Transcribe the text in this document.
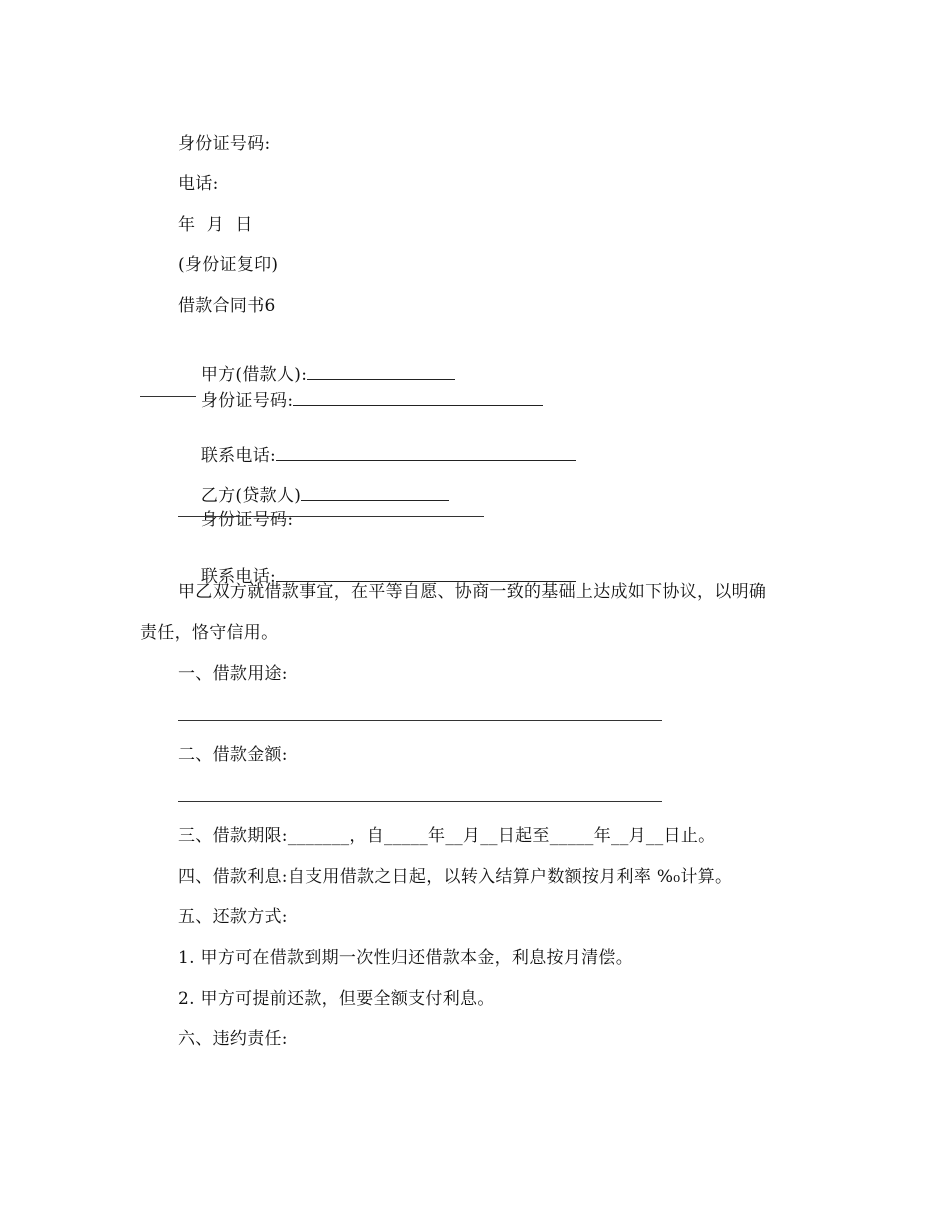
身份证号码:
电话:
年  月  日
(身份证复印)
借款合同书6

甲方(借款人):
身份证号码:

联系电话:

乙方(贷款人)
身份证号码:

联系电话:

甲乙双方就借款事宜，在平等自愿、协商一致的基础上达成如下协议，以明确
责任，恪守信用。
一、借款用途:
二、借款金额:
三、借款期限:_______，自_____年__月__日起至_____年__月__日止。
四、借款利息:自支用借款之日起，以转入结算户数额按月利率 %₀计算。
五、还款方式:
1. 甲方可在借款到期一次性归还借款本金，利息按月清偿。
2. 甲方可提前还款，但要全额支付利息。
六、违约责任:
